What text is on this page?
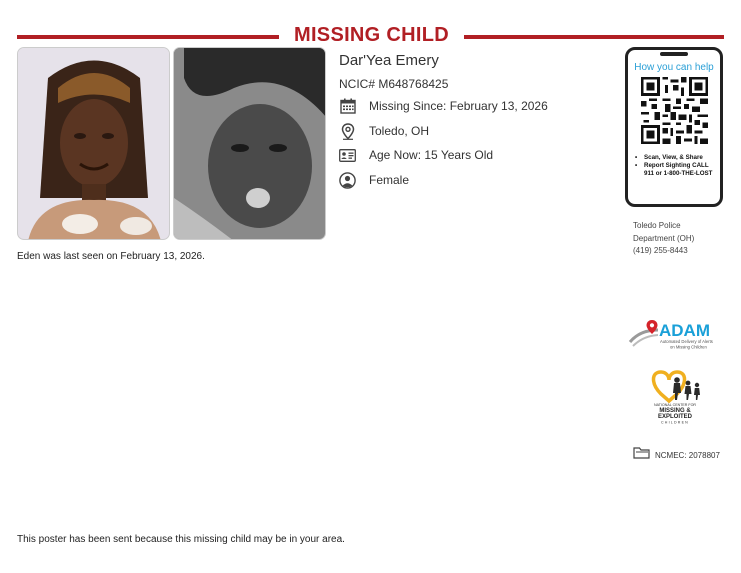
MISSING CHILD
Eden was last seen on February 13, 2026.
Dar'Yea Emery
NCIC# M648768425
Missing Since: February 13, 2026
Toledo, OH
Age Now: 15 Years Old
Female
How you can help
• Scan, View, & Share
• Report Sighting CALL 911 or 1-800-THE-LOST
Toledo Police
Department (OH)
(419) 255-8443
ADAM
Automated Delivery of Alerts
on Missing Children
NATIONAL CENTER FOR
MISSING &
EXPLOITED
CHILDREN
NCMEC: 2078807
This poster has been sent because this missing child may be in your area.
